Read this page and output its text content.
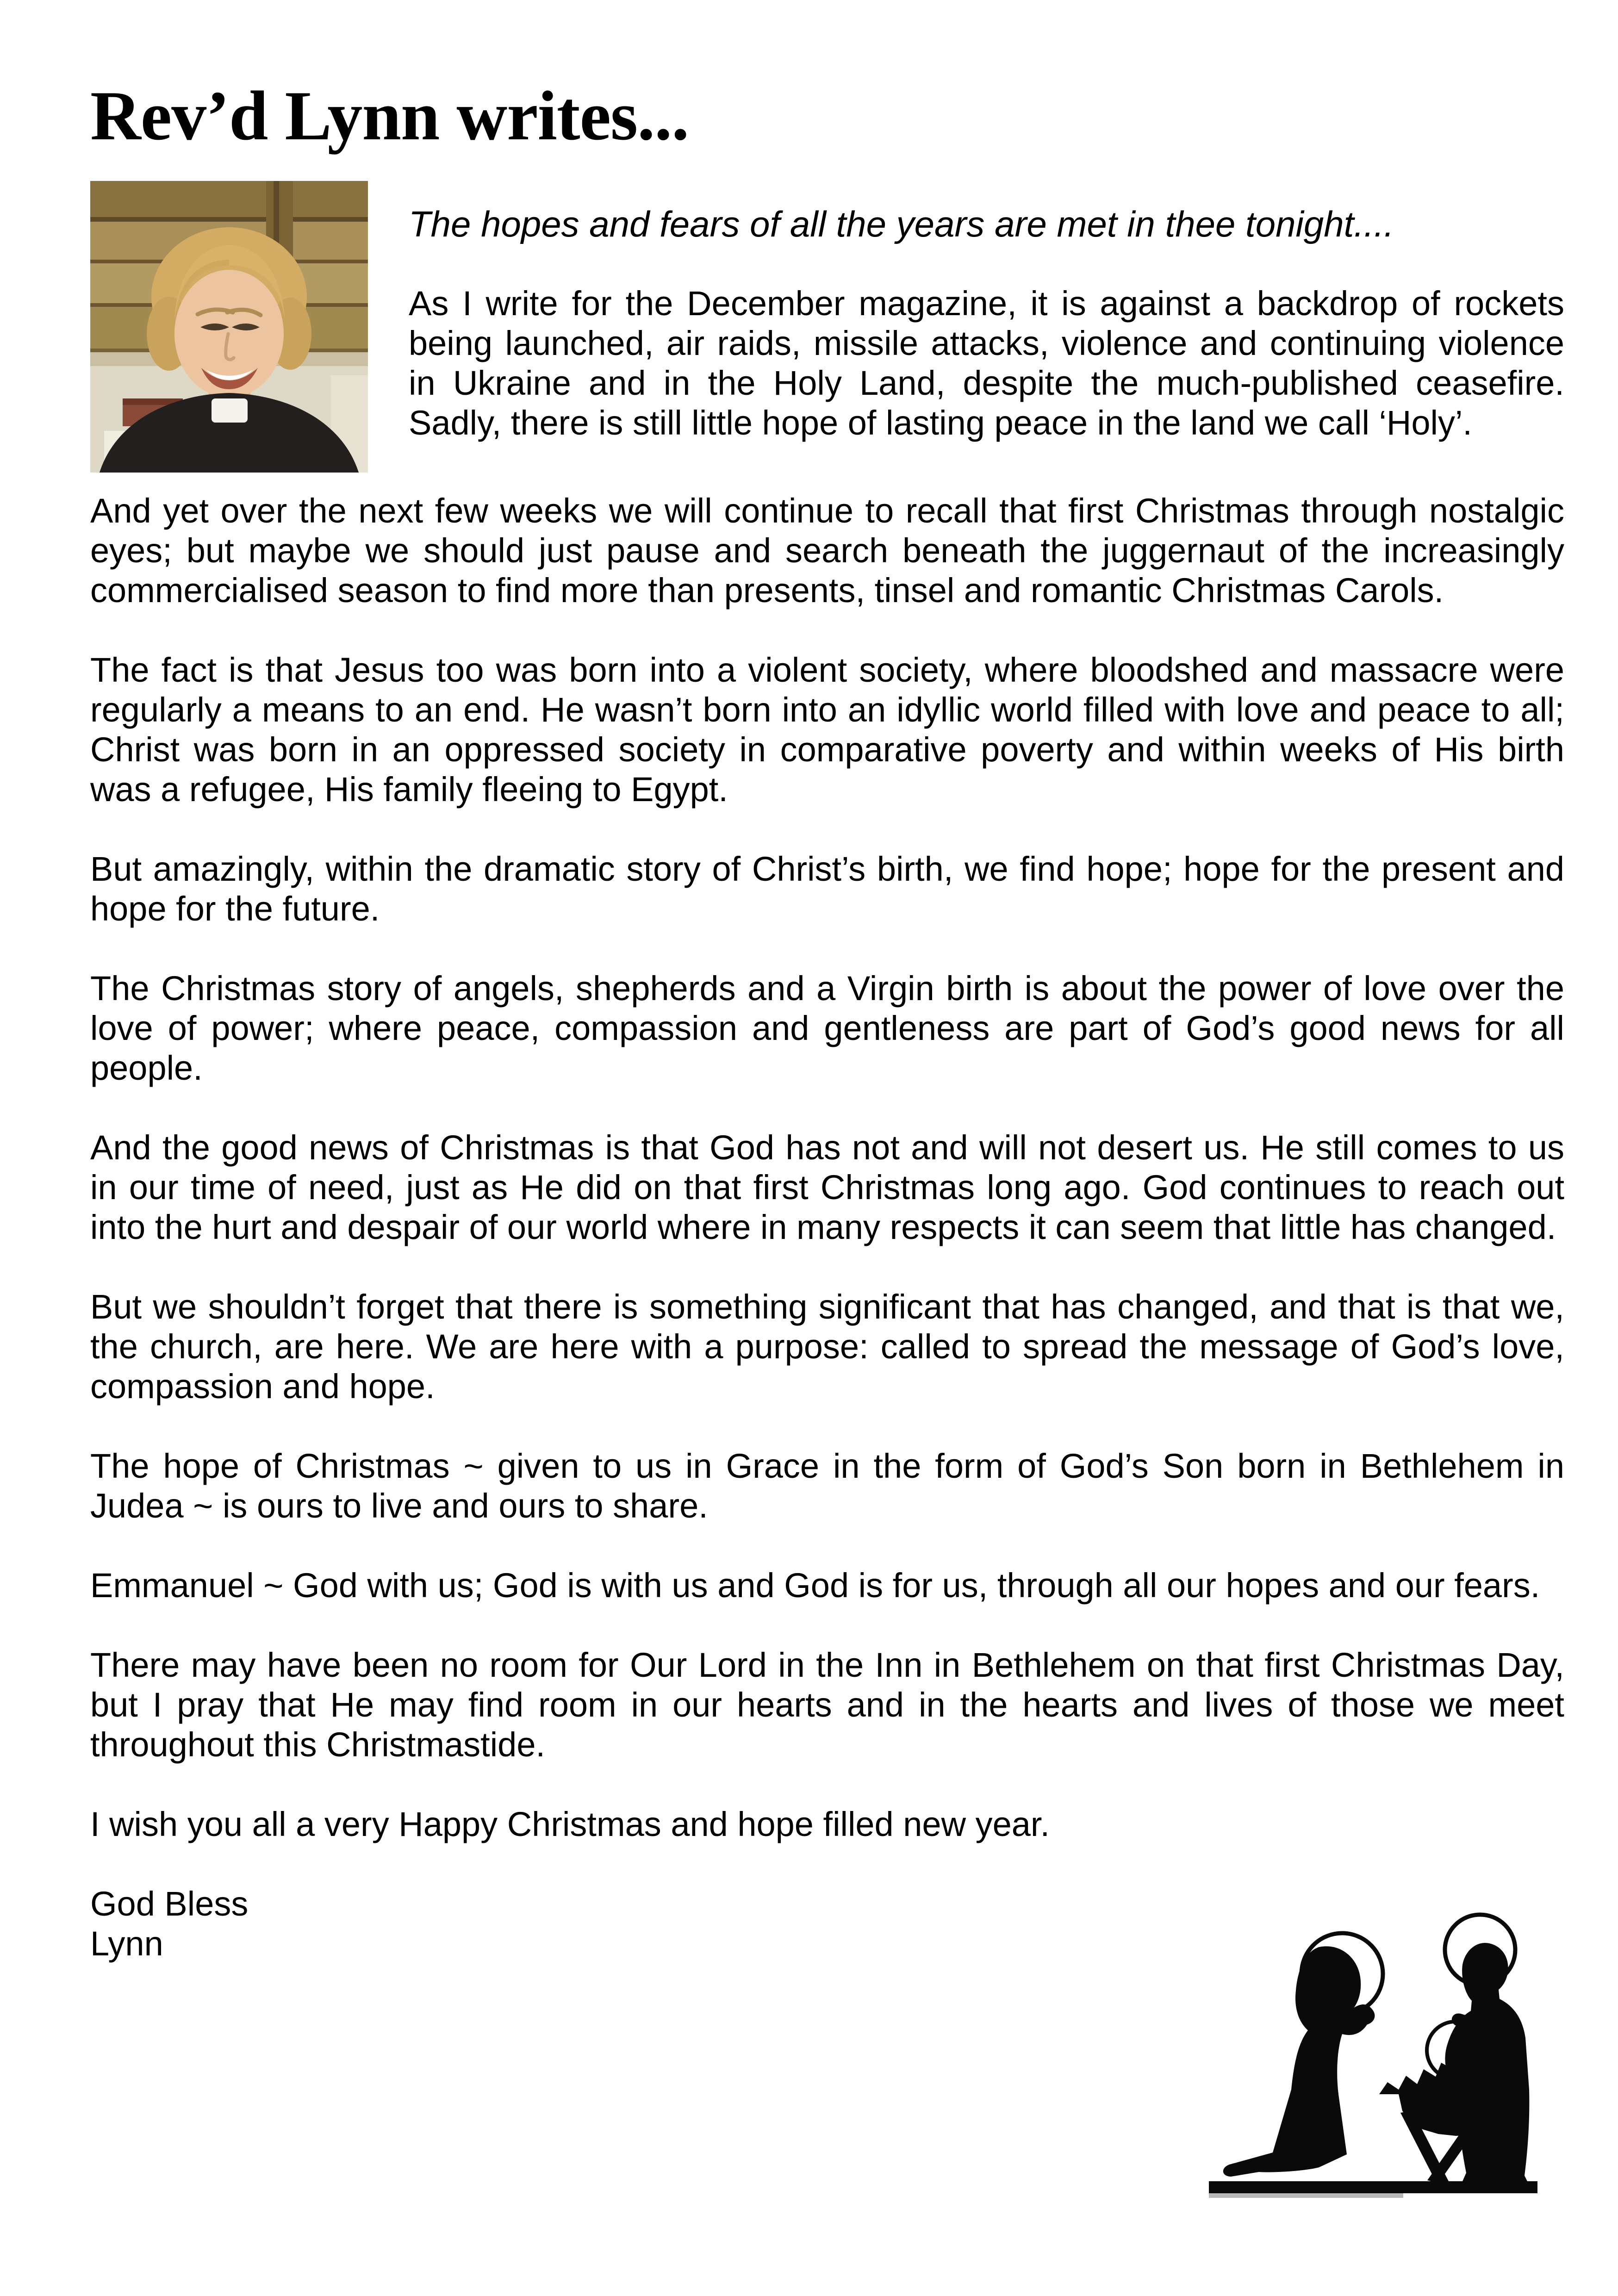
Rev’d Lynn writes...

The hopes and fears of all the years are met in thee tonight....

As I write for the December magazine, it is against a backdrop of rockets being launched, air raids, missile attacks, violence and continuing violence in Ukraine and in the Holy Land, despite the much-published ceasefire. Sadly, there is still little hope of lasting peace in the land we call ‘Holy’.

And yet over the next few weeks we will continue to recall that first Christmas through nostalgic eyes; but maybe we should just pause and search beneath the juggernaut of the increasingly commercialised season to find more than presents, tinsel and romantic Christmas Carols.

The fact is that Jesus too was born into a violent society, where bloodshed and massacre were regularly a means to an end. He wasn’t born into an idyllic world filled with love and peace to all; Christ was born in an oppressed society in comparative poverty and within weeks of His birth was a refugee, His family fleeing to Egypt.

But amazingly, within the dramatic story of Christ’s birth, we find hope; hope for the present and hope for the future.

The Christmas story of angels, shepherds and a Virgin birth is about the power of love over the love of power; where peace, compassion and gentleness are part of God’s good news for all people.

And the good news of Christmas is that God has not and will not desert us. He still comes to us in our time of need, just as He did on that first Christmas long ago. God continues to reach out into the hurt and despair of our world where in many respects it can seem that little has changed.

But we shouldn’t forget that there is something significant that has changed, and that is that we, the church, are here. We are here with a purpose: called to spread the message of God’s love, compassion and hope.

The hope of Christmas ~ given to us in Grace in the form of God’s Son born in Bethlehem in Judea ~ is ours to live and ours to share.

Emmanuel ~ God with us; God is with us and God is for us, through all our hopes and our fears.

There may have been no room for Our Lord in the Inn in Bethlehem on that first Christmas Day, but I pray that He may find room in our hearts and in the hearts and lives of those we meet throughout this Christmastide.

I wish you all a very Happy Christmas and hope filled new year.

God Bless
Lynn
